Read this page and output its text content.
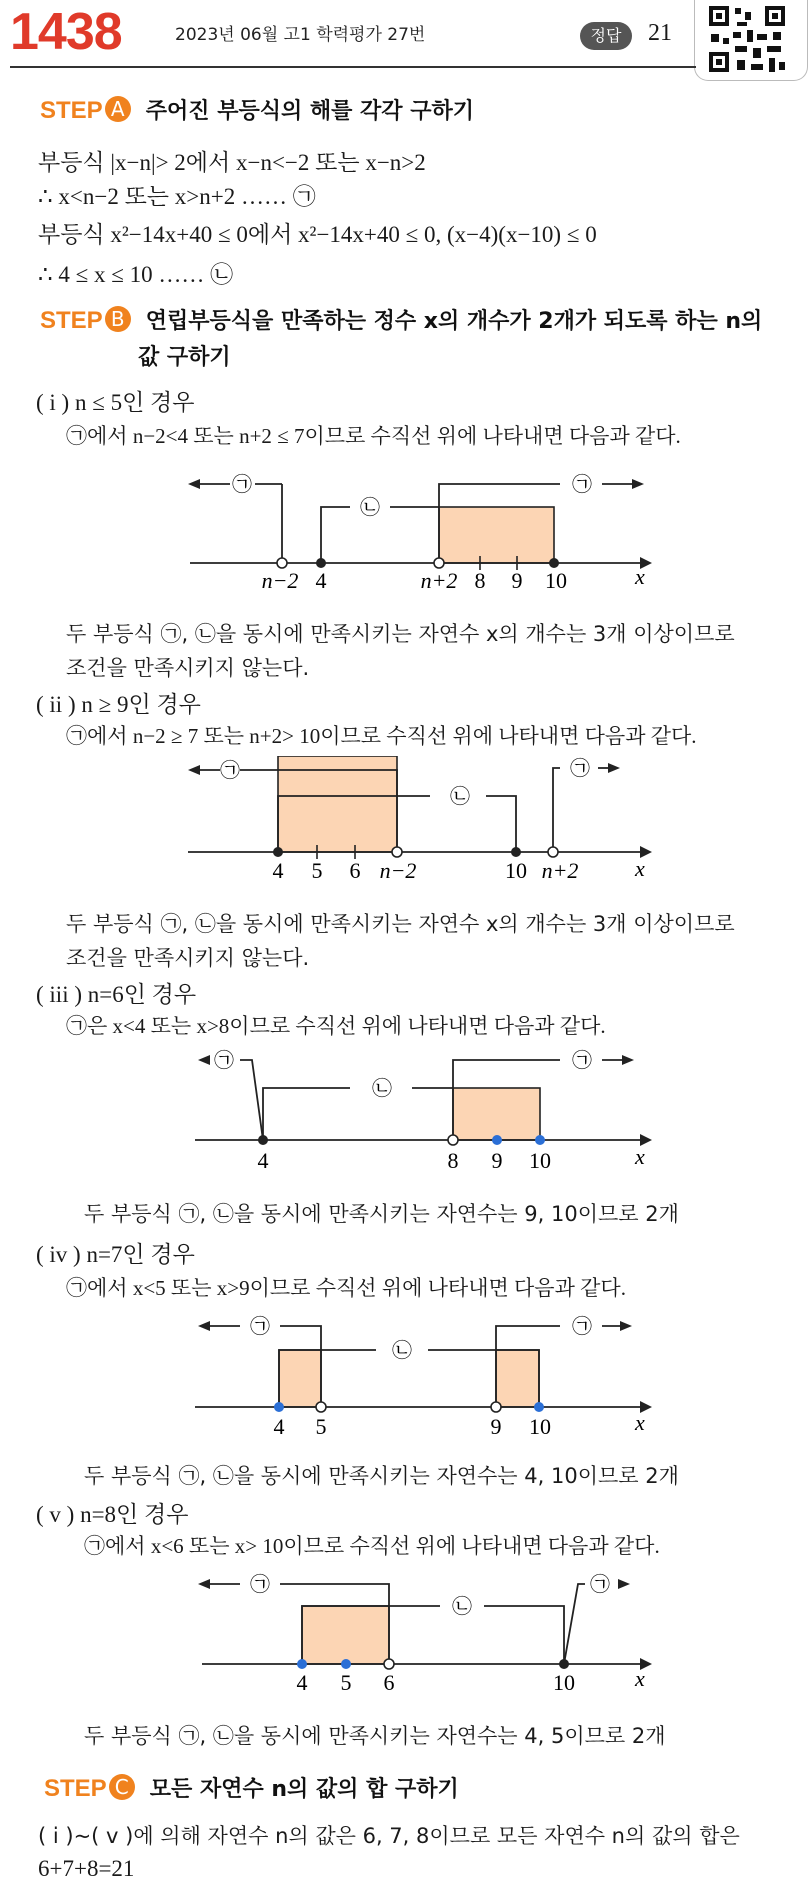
1438	2023년 06월 고1 학력평가 27번	정답	21
STEP A 주어진 부등식의 해를 각각 구하기
부등식 |x−n|> 2에서 x−n<−2 또는 x−n>2
∴ x<n−2 또는 x>n+2 …… ㉠
부등식 x²−14x+40 ≤ 0에서 x²−14x+40 ≤ 0, (x−4)(x−10) ≤ 0
∴ 4 ≤ x ≤ 10 …… ㉡
STEP B 연립부등식을 만족하는 정수 x의 개수가 2개가 되도록 하는 n의
값 구하기
( i ) n ≤ 5인 경우
㉠에서 n−2<4 또는 n+2 ≤ 7이므로 수직선 위에 나타내면 다음과 같다.
㉠	㉠
㉡
n−2 4	n+2 8 9 10	x
두 부등식 ㉠, ㉡을 동시에 만족시키는 자연수 x의 개수는 3개 이상이므로
조건을 만족시키지 않는다.
( ii ) n ≥ 9인 경우
㉠에서 n−2 ≥ 7 또는 n+2> 10이므로 수직선 위에 나타내면 다음과 같다.
㉠
㉡
㉠
4 5 6 n−2	10 n+2	x
두 부등식 ㉠, ㉡을 동시에 만족시키는 자연수 x의 개수는 3개 이상이므로
조건을 만족시키지 않는다.
( iii ) n=6인 경우
㉠은 x<4 또는 x>8이므로 수직선 위에 나타내면 다음과 같다.
㉠
㉡
㉠
4	8 9 10	x
두 부등식 ㉠, ㉡을 동시에 만족시키는 자연수는 9, 10이므로 2개
( iv ) n=7인 경우
㉠에서 x<5 또는 x>9이므로 수직선 위에 나타내면 다음과 같다.
㉠
㉡
㉠
4 5	9 10	x
두 부등식 ㉠, ㉡을 동시에 만족시키는 자연수는 4, 10이므로 2개
( v ) n=8인 경우
㉠에서 x<6 또는 x> 10이므로 수직선 위에 나타내면 다음과 같다.
㉠
㉡
㉠
4 5 6	10	x
두 부등식 ㉠, ㉡을 동시에 만족시키는 자연수는 4, 5이므로 2개
STEP C 모든 자연수 n의 값의 합 구하기
( i )~( v )에 의해 자연수 n의 값은 6, 7, 8이므로 모든 자연수 n의 값의 합은
6+7+8=21
